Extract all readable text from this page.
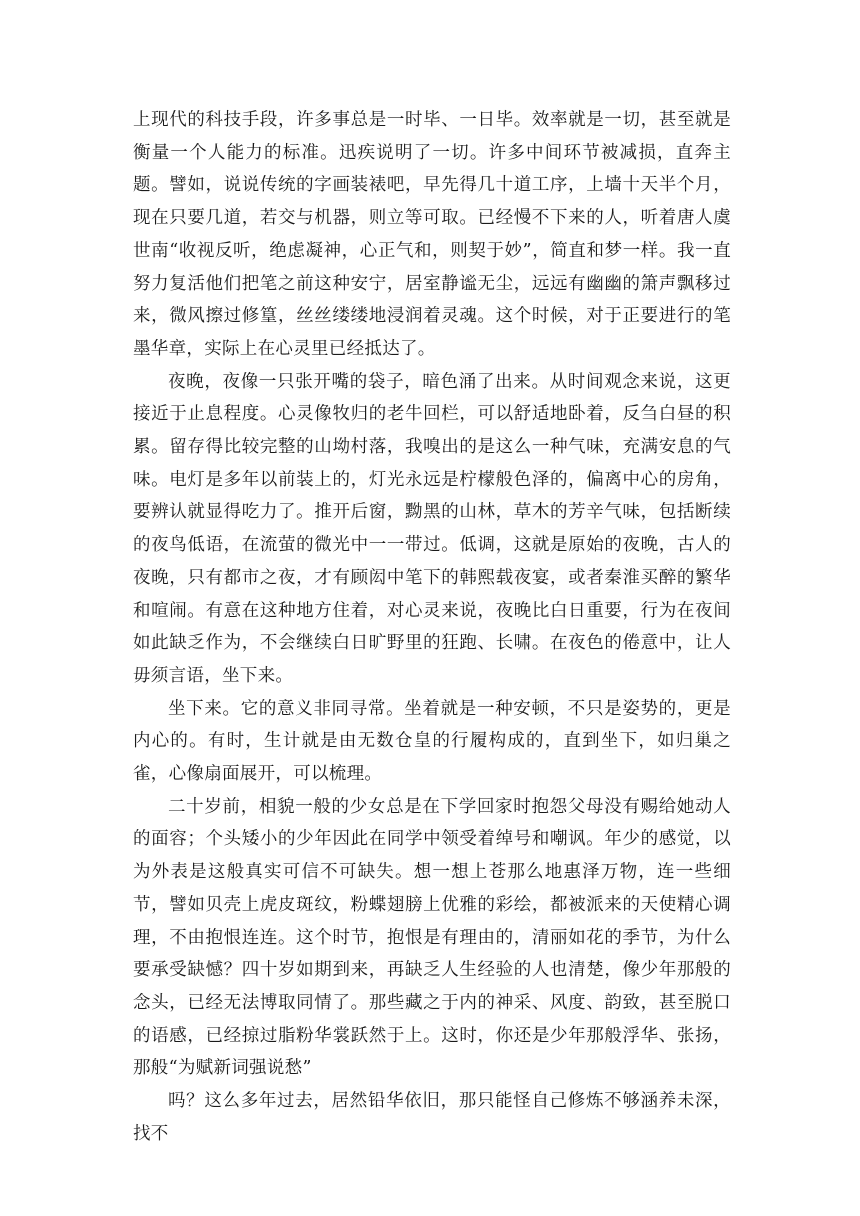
上现代的科技手段，许多事总是一时毕、一日毕。效率就是一切，甚至就是衡量一个人能力的标准。迅疾说明了一切。许多中间环节被减损，直奔主题。譬如，说说传统的字画装裱吧，早先得几十道工序，上墙十天半个月，现在只要几道，若交与机器，则立等可取。已经慢不下来的人，听着唐人虞世南“收视反听，绝虑凝神，心正气和，则契于妙”，简直和梦一样。我一直努力复活他们把笔之前这种安宁，居室静谧无尘，远远有幽幽的箫声飘移过来，微风擦过修篁，丝丝缕缕地浸润着灵魂。这个时候，对于正要进行的笔墨华章，实际上在心灵里已经抵达了。

夜晚，夜像一只张开嘴的袋子，暗色涌了出来。从时间观念来说，这更接近于止息程度。心灵像牧归的老牛回栏，可以舒适地卧着，反刍白昼的积累。留存得比较完整的山坳村落，我嗅出的是这么一种气味，充满安息的气味。电灯是多年以前装上的，灯光永远是柠檬般色泽的，偏离中心的房角，要辨认就显得吃力了。推开后窗，黝黑的山林，草木的芳辛气味，包括断续的夜鸟低语，在流萤的微光中一一带过。低调，这就是原始的夜晚，古人的夜晚，只有都市之夜，才有顾闳中笔下的韩熙载夜宴，或者秦淮买醉的繁华和喧闹。有意在这种地方住着，对心灵来说，夜晚比白日重要，行为在夜间如此缺乏作为，不会继续白日旷野里的狂跑、长啸。在夜色的倦意中，让人毋须言语，坐下来。

坐下来。它的意义非同寻常。坐着就是一种安顿，不只是姿势的，更是内心的。有时，生计就是由无数仓皇的行履构成的，直到坐下，如归巢之雀，心像扇面展开，可以梳理。

二十岁前，相貌一般的少女总是在下学回家时抱怨父母没有赐给她动人的面容；个头矮小的少年因此在同学中领受着绰号和嘲讽。年少的感觉，以为外表是这般真实可信不可缺失。想一想上苍那么地惠泽万物，连一些细节，譬如贝壳上虎皮斑纹，粉蝶翅膀上优雅的彩绘，都被派来的天使精心调理，不由抱恨连连。这个时节，抱恨是有理由的，清丽如花的季节，为什么要承受缺憾？四十岁如期到来，再缺乏人生经验的人也清楚，像少年那般的念头，已经无法博取同情了。那些藏之于内的神采、风度、韵致，甚至脱口的语感，已经掠过脂粉华裳跃然于上。这时，你还是少年那般浮华、张扬，那般“为赋新词强说愁”

吗？这么多年过去，居然铅华依旧，那只能怪自己修炼不够涵养未深，找不
